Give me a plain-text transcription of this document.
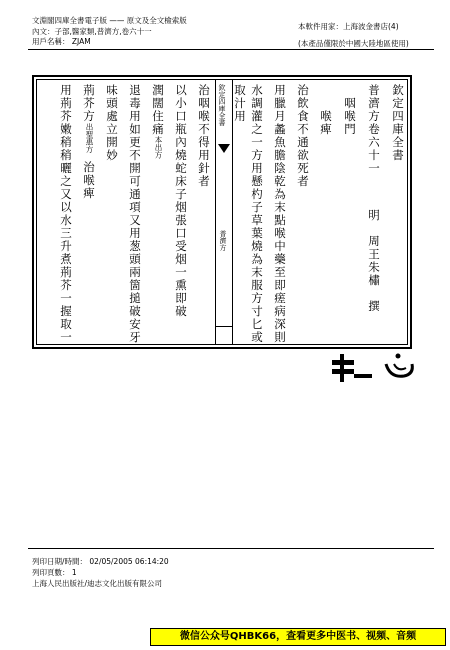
文淵閣四庫全書電子版 —— 原文及全文檢索版
內文：子部,醫家類,普濟方,卷六十一
用戶名稱： ZJAM
本軟件用家：上海波金書店(4)
(本產品僅限於中國大陸地區使用)
欽定四庫全書
普濟方
欽定四庫全書
普濟方卷六十一明　周王朱橚　撰
　咽喉門
　　喉痺
治飲食不通欲死者
用臘月蠡魚膽陰乾為末點喉中藥至即瘥病深則
水調灌之一方用懸杓子草葉燒為末服方寸匕或
取汁用
治咽喉不得用針者
以小口瓶內燒蛇床子烟張口受烟一熏即破
潤闊住痛本出方
退毒用如更不開可通項又用葱頭兩箇搥破安牙
味頭處立開妙
荊芥方出聖惠方治喉痺
用荊芥嫩稍稍曬之又以水三升煮荊芥一握取一
列印日期/時間： 02/05/2005 06:14:20
列印頁數： 1
上海人民出版社/迪志文化出版有限公司
微信公众号QHBK66，查看更多中医书、视频、音频
